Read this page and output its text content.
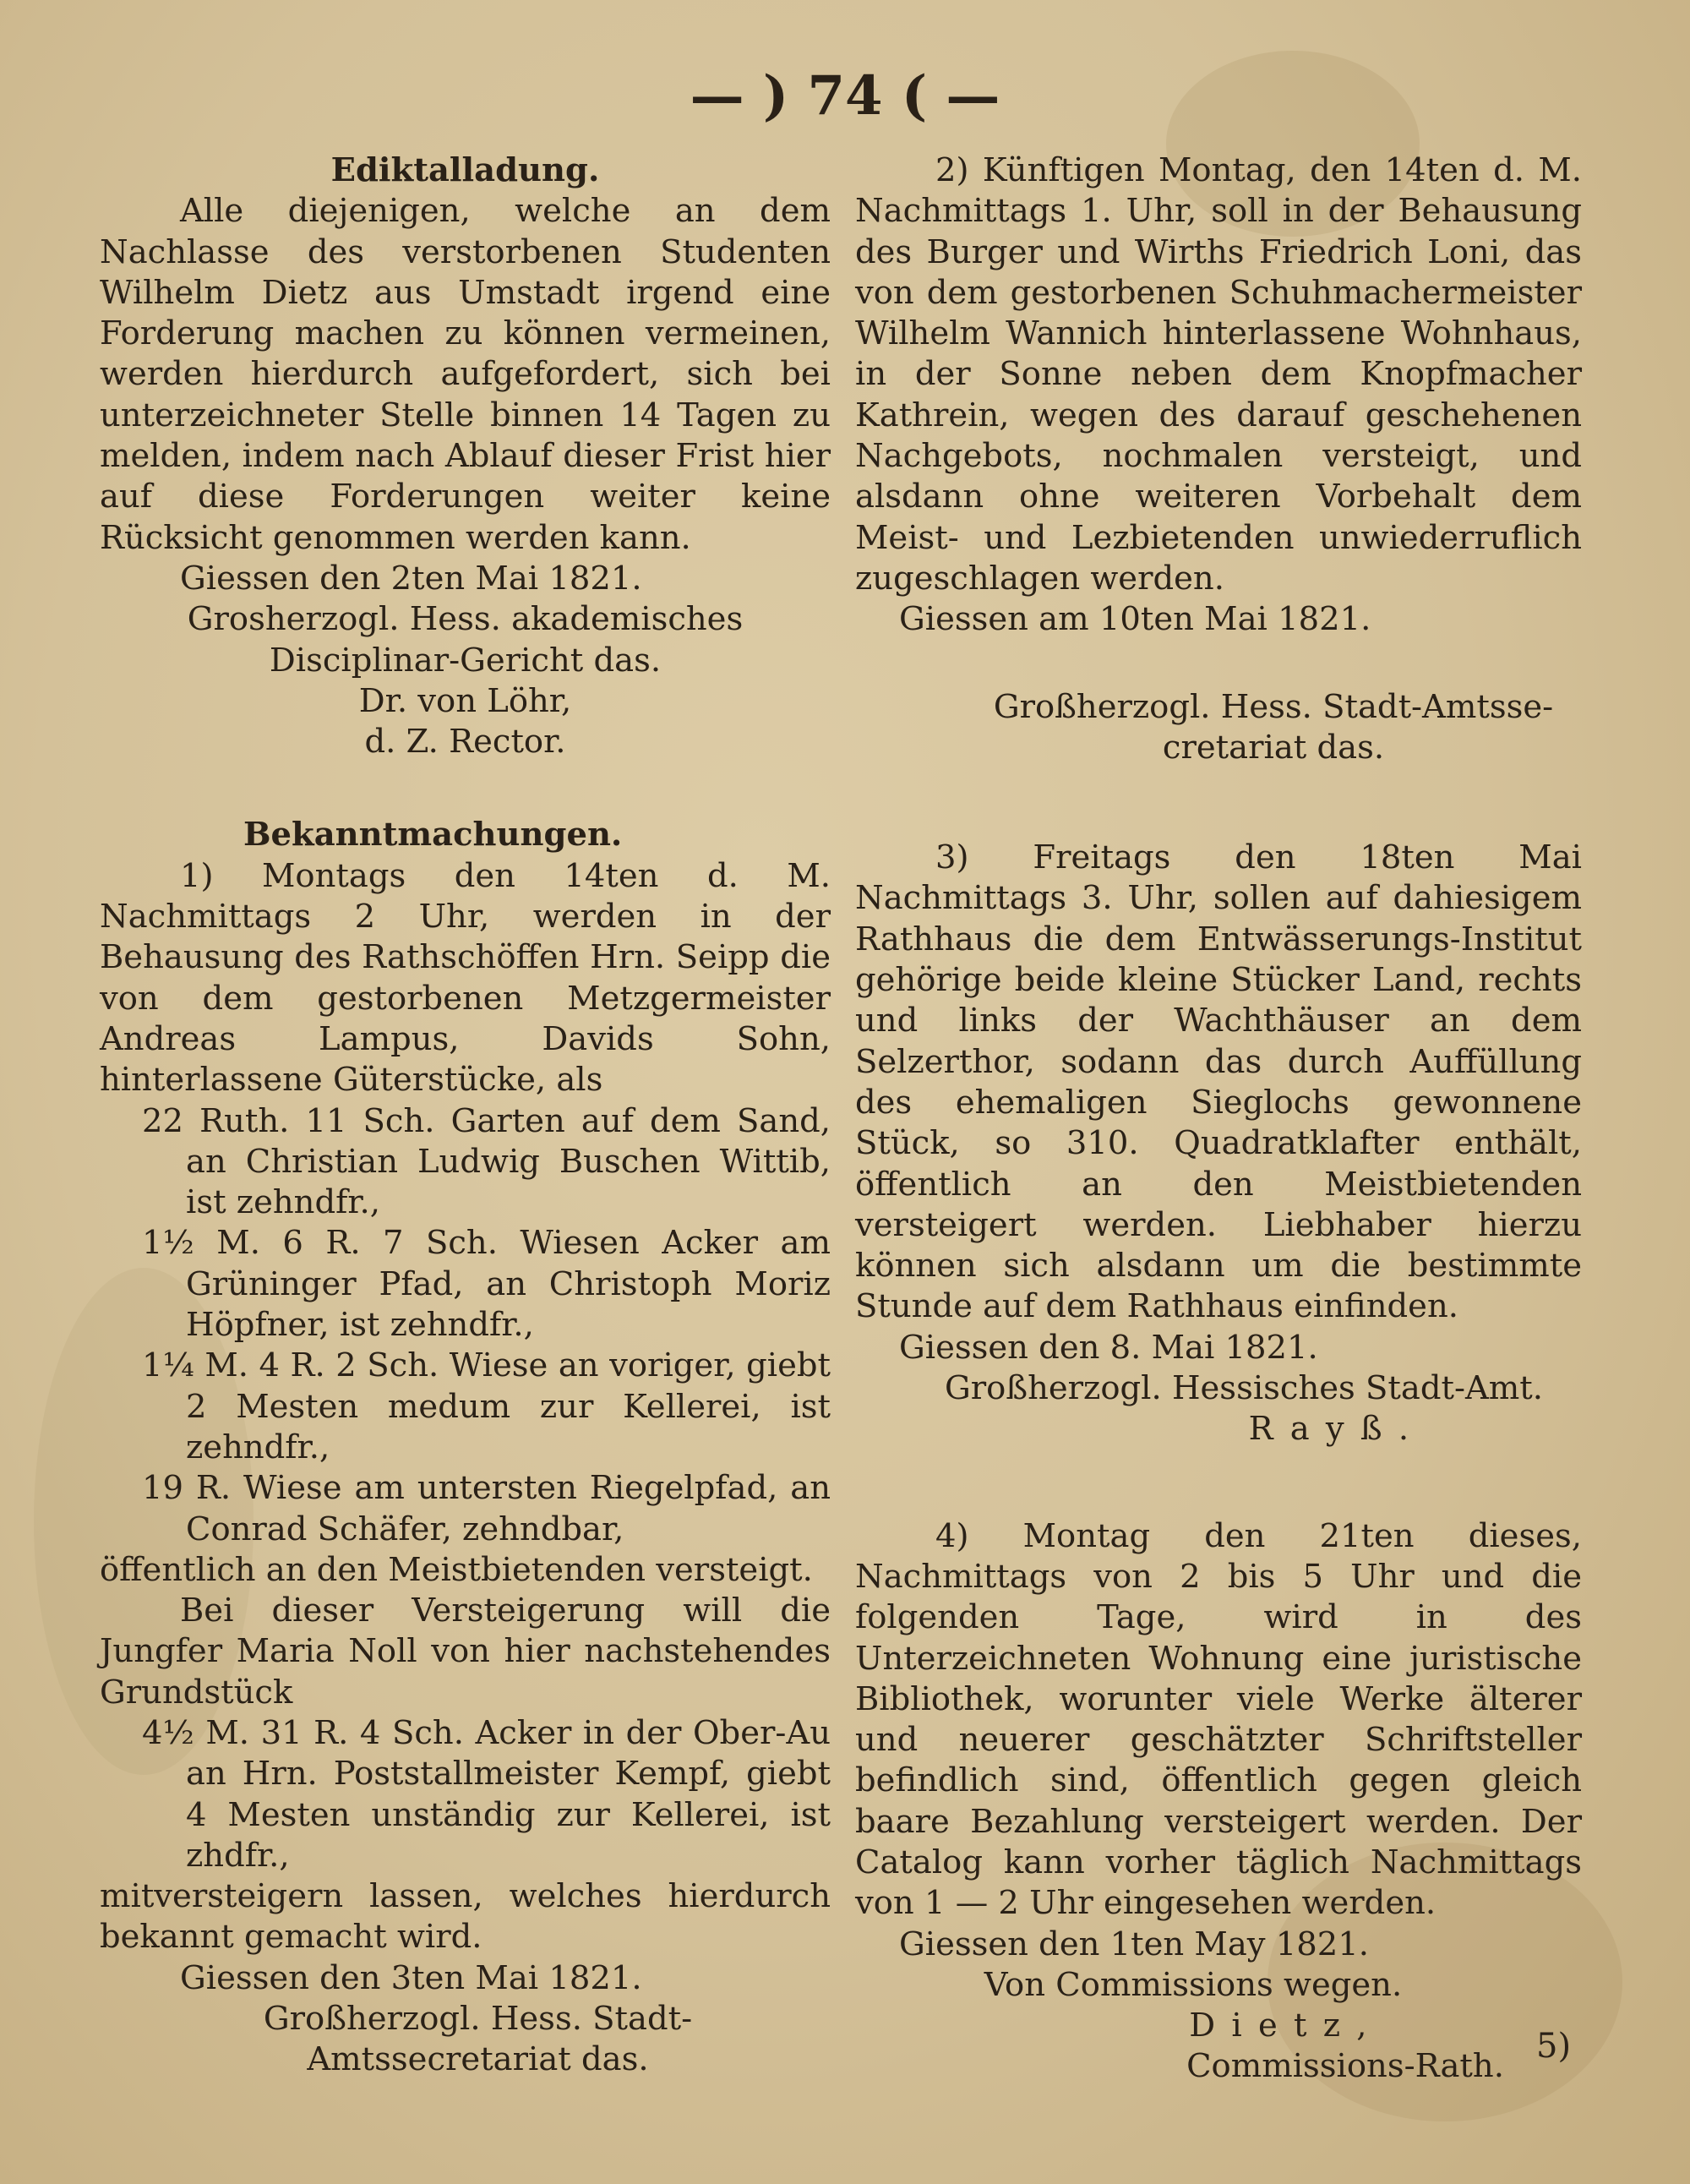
— ) 74 ( —

Ediktalladung.

Alle diejenigen, welche an dem Nachlasse des verstorbenen Studenten Wilhelm Dietz aus Umstadt irgend eine Forderung machen zu können vermeinen, werden hierdurch aufgefordert, sich bei unterzeichneter Stelle binnen 14 Tagen zu melden, indem nach Ablauf dieser Frist hier auf diese Forderungen weiter keine Rücksicht genommen werden kann.

Giessen den 2ten Mai 1821.

Grosherzogl. Hess. akademisches

Disciplinar-Gericht das.

Dr. von Löhr,

d. Z. Rector.

Bekanntmachungen.

1) Montags den 14ten d. M. Nachmittags 2 Uhr, werden in der Behausung des Rathschöffen Hrn. Seipp die von dem gestorbenen Metzgermeister Andreas Lampus, Davids Sohn, hinterlassene Güterstücke, als

22 Ruth. 11 Sch. Garten auf dem Sand, an Christian Ludwig Buschen Wittib, ist zehndfr.,

1½ M. 6 R. 7 Sch. Wiesen Acker am Grüninger Pfad, an Christoph Moriz Höpfner, ist zehndfr.,

1¼ M. 4 R. 2 Sch. Wiese an voriger, giebt 2 Mesten medum zur Kellerei, ist zehndfr.,

19 R. Wiese am untersten Riegelpfad, an Conrad Schäfer, zehndbar,

öffentlich an den Meistbietenden versteigt.

Bei dieser Versteigerung will die Jungfer Maria Noll von hier nachstehendes Grundstück

4½ M. 31 R. 4 Sch. Acker in der Ober-Au an Hrn. Poststallmeister Kempf, giebt 4 Mesten unständig zur Kellerei, ist zhdfr.,

mitversteigern lassen, welches hierdurch bekannt gemacht wird.

Giessen den 3ten Mai 1821.

Großherzogl. Hess. Stadt-Amtssecretariat das.

2) Künftigen Montag, den 14ten d. M. Nachmittags 1. Uhr, soll in der Behausung des Burger und Wirths Friedrich Loni, das von dem gestorbenen Schuhmachermeister Wilhelm Wannich hinterlassene Wohnhaus, in der Sonne neben dem Knopfmacher Kathrein, wegen des darauf geschehenen Nachgebots, nochmalen versteigt, und alsdann ohne weiteren Vorbehalt dem Meist- und Lezbietenden unwiederruflich zugeschlagen werden.

Giessen am 10ten Mai 1821.

Großherzogl. Hess. Stadt-Amtsse-

cretariat das.

3) Freitags den 18ten Mai Nachmittags 3. Uhr, sollen auf dahiesigem Rathhaus die dem Entwässerungs-Institut gehörige beide kleine Stücker Land, rechts und links der Wachthäuser an dem Selzerthor, sodann das durch Auffüllung des ehemaligen Sieglochs gewonnene Stück, so 310. Quadratklafter enthält, öffentlich an den Meistbietenden versteigert werden. Liebhaber hierzu können sich alsdann um die bestimmte Stunde auf dem Rathhaus einfinden.

Giessen den 8. Mai 1821.

Großherzogl. Hessisches Stadt-Amt.

Rayß.

4) Montag den 21ten dieses, Nachmittags von 2 bis 5 Uhr und die folgenden Tage, wird in des Unterzeichneten Wohnung eine juristische Bibliothek, worunter viele Werke älterer und neuerer geschätzter Schriftsteller befindlich sind, öffentlich gegen gleich baare Bezahlung versteigert werden. Der Catalog kann vorher täglich Nachmittags von 1 — 2 Uhr eingesehen werden.

Giessen den 1ten May 1821.

Von Commissions wegen.

Dietz,

Commissions-Rath.

5)
